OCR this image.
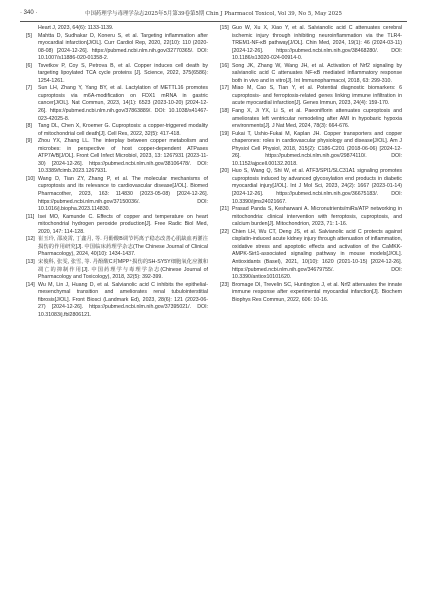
· 340 ·	中国药理学与毒理学杂志2025年5月第39卷第5期 Chin J Pharmacol Toxicol, Vol 39, No 5, May 2025
Heart J, 2023, 64(6): 1133-1139.
[5]	Mahtta D, Sudhakar D, Koneru S, et al. Targeting inflammation after myocardial infarction[J/OL]. Curr Cardiol Rep, 2020, 22(10): 110 (2020-08-08) [2024-12-26]. https://pubmed.ncbi.nlm.nih.gov/32770365/. DOI: 10.1007/s11886-020-01358-2.
[6]	Tsvetkov P, Coy S, Petrova B, et al. Copper induces cell death by targeting lipoylated TCA cycle proteins [J]. Science, 2022, 375(6586): 1254-1261.
[7]	Sun LH, Zhang Y, Yang BY, et al. Lactylation of METTL16 promotes cuproptosis via m6A-modification on FDX1 mRNA in gastric cancer[J/OL]. Nat Commun, 2023, 14(1): 6523 (2023-10-20) [2024-12-26]. https://pubmed.ncbi.nlm.nih.gov/37863889/. DOI: 10.1038/s41467-023-42025-8.
[8]	Tang DL, Chen X, Kroemer G. Cuproptosis: a copper-triggered modality of mitochondrial cell death[J]. Cell Res, 2022, 32(5): 417-418.
[9]	Zhou YX, Zhang LL. The interplay between copper metabolism and microbes: in perspective of host copper-dependent ATPases ATP7A/B[J/OL]. Front Cell Infect Microbiol, 2023, 13: 1267931 (2023-11-30) [2024-12-26]. https://pubmed.ncbi.nlm.nih.gov/38106478/. DOI: 10.3389/fcimb.2023.1267931.
[10] Wang D, Tian ZY, Zhang P, et al. The molecular mechanisms of cuproptosis and its relevance to cardiovascular disease[J/OL]. Biomed Pharmacother, 2023, 163: 114830 (2023-05-08) [2024-12-26]. https://pubmed.ncbi.nlm.nih.gov/37150036/. DOI: 10.1016/j.biopha.2023.114830.
[11] Isei MO, Kamunde C. Effects of copper and temperature on heart mitochondrial hydrogen peroxide production[J]. Free Radic Biol Med, 2020, 147: 114-128.
[12] 崔玉玲, 邵凌霄, 丁鑫月, 等. 丹酚酸B调节钙离子稳态改善心肌缺血再灌注损伤的作用研究[J]. 中国临床药理学杂志(The Chinese Journal of Clinical Pharmacology), 2024, 40(10): 1434-1437.
[13] 宋俊科, 张雯, 张雪, 等. 丹酚酸C对MPP⁺损伤的SH-SY5Y细胞氧化应激和凋亡的抑制作用[J]. 中国药理学与毒理学杂志(Chinese Journal of Pharmacology and Toxicology), 2018, 32(5): 392-399.
[14] Wu M, Lin J, Huang D, et al. Salvianolic acid C inhibits the epithelial-mesenchymal transition and ameliorates renal tubulointerstitial fibrosis[J/OL]. Front Biosci (Landmark Ed), 2023, 28(6): 121 (2023-06-27) [2024-12-26]. https://pubmed.ncbi.nlm.nih.gov/37395021/. DOI: 10.31083/j.fbl2806121.
[15] Guo W, Xu X, Xiao Y, et al. Salvianolic acid C attenuates cerebral ischemic injury through inhibiting neuroinflammation via the TLR4-TREM1-NF-κB pathway[J/OL]. Chin Med, 2024, 19(1): 46 (2024-03-11) [2024-12-26]. https://pubmed.ncbi.nlm.nih.gov/38468280/. DOI: 10.1186/s13020-024-00914-0.
[16] Song JK, Zhang W, Wang JH, et al. Activation of Nrf2 signaling by salvianolic acid C attenuates NF-κB mediated inflammatory response both in vivo and in vitro[J]. Int Immunopharmacol, 2018, 63: 299-310.
[17] Miao M, Cao S, Tian Y, et al. Potential diagnostic biomarkers: 6 cuproptosis- and ferroptosis-related genes linking immune infiltration in acute myocardial infarction[J]. Genes Immun, 2023, 24(4): 159-170.
[18] Fang X, Ji YX, Li S, et al. Paeoniflorin attenuates cuproptosis and ameliorates left ventricular remodeling after AMI in hypobaric hypoxia environments[J]. J Nat Med, 2024, 78(3): 664-676.
[19] Fukai T, Ushio-Fukai M, Kaplan JH. Copper transporters and copper chaperones: roles in cardiovascular physiology and disease[J/OL]. Am J Physiol Cell Physiol, 2018, 315(2): C186-C201 (2018-06-06) [2024-12-26]. https://pubmed.ncbi.nlm.nih.gov/29874110/. DOI: 10.1152/ajpcell.00132.2018.
[20] Huo S, Wang Q, Shi W, et al. ATF3/SPI1/SLC31A1 signaling promotes cuproptosis induced by advanced glycosylation end products in diabetic myocardial injury[J/OL]. Int J Mol Sci, 2023, 24(2): 1667 (2023-01-14) [2024-12-26]. https://pubmed.ncbi.nlm.nih.gov/36675183/. DOI: 10.3390/ijms24021667.
[21] Prasad Panda S, Kesharwani A. Micronutrients/miRs/ATP networking in mitochondria: clinical intervention with ferroptosis, cuproptosis, and calcium burden[J]. Mitochondrion, 2023, 71: 1-16.
[22] Chien LH, Wu CT, Deng JS, et al. Salvianolic acid C protects against cisplatin-induced acute kidney injury through attenuation of inflammation, oxidative stress and apoptotic effects and activation of the CaMKK-AMPK-Sirt1-associated signaling pathway in mouse models[J/OL]. Antioxidants (Basel), 2021, 10(10): 1620 (2021-10-15) [2024-12-26]. https://pubmed.ncbi.nlm.nih.gov/34679755/. DOI: 10.3390/antiox10101620.
[23] Bromage DI, Trevelin SC, Huntington J, et al. Nrf2 attenuates the innate immune response after experimental myocardial infarction[J]. Biochem Biophys Res Commun, 2022, 606: 10-16.
